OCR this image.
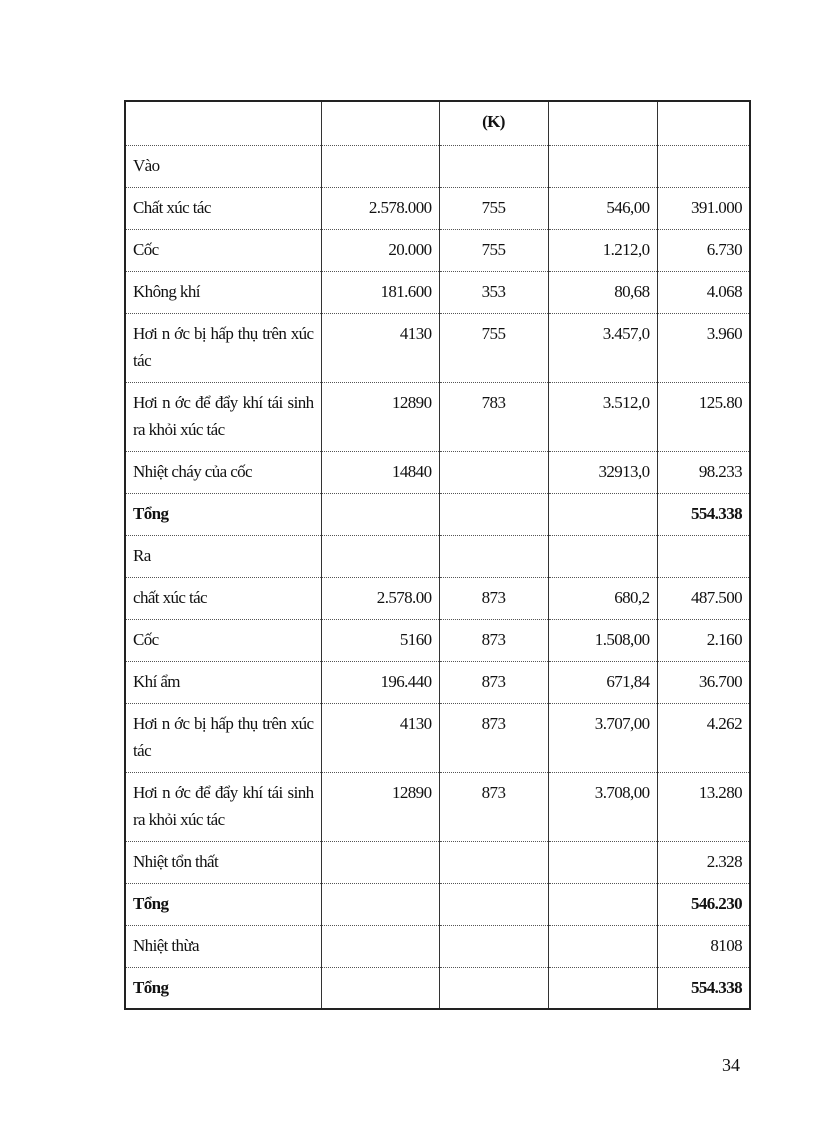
		(K)		
Vào				
Chất xúc tác	2.578.000	755	546,00	391.000
Cốc	20.000	755	1.212,0	6.730
Không khí	181.600	353	80,68	4.068
Hơi n ớc bị hấp thụ trên xúc tác	4130	755	3.457,0	3.960
Hơi n ớc để đẩy khí tái sinh ra khỏi xúc tác	12890	783	3.512,0	125.80
Nhiệt cháy của cốc	14840		32913,0	98.233
Tổng				554.338
Ra				
chất xúc tác	2.578.00	873	680,2	487.500
Cốc	5160	873	1.508,00	2.160
Khí ẩm	196.440	873	671,84	36.700
Hơi n ớc bị hấp thụ trên xúc tác	4130	873	3.707,00	4.262
Hơi n ớc để đẩy khí tái sinh ra khỏi xúc tác	12890	873	3.708,00	13.280
Nhiệt tổn thất				2.328
Tổng				546.230
Nhiệt thừa				8108
Tổng				554.338
34
